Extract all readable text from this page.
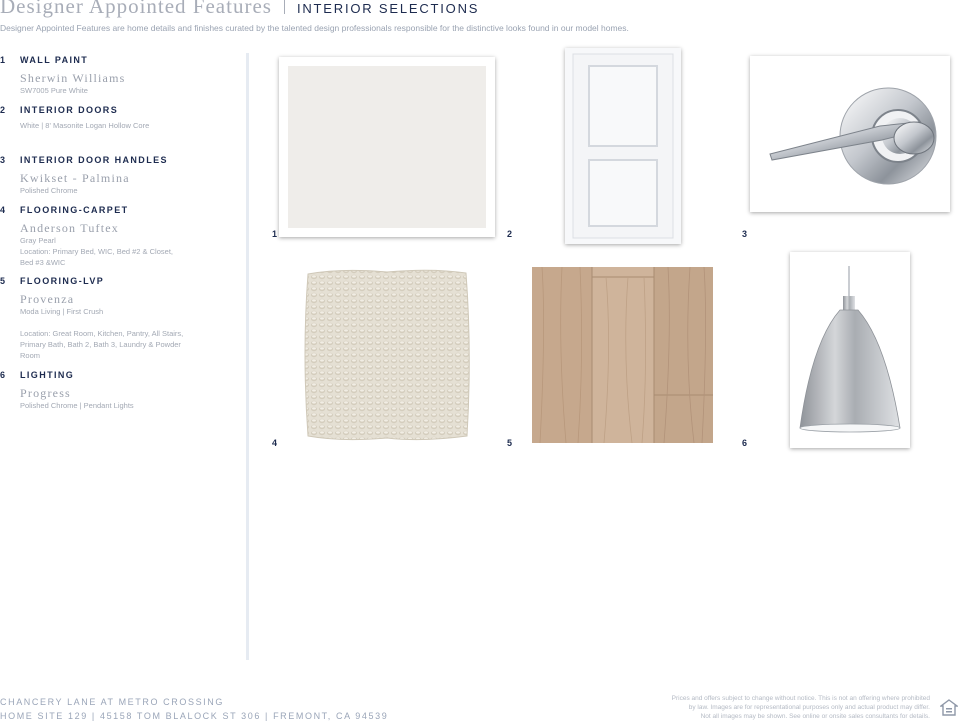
Designer Appointed Features INTERIOR SELECTIONS
Designer Appointed Features are home details and finishes curated by the talented design professionals responsible for the distinctive looks found in our model homes.
1 WALL PAINT
Sherwin Williams
SW7005 Pure White
2 INTERIOR DOORS
White | 8' Masonite Logan Hollow Core
3 INTERIOR DOOR HANDLES
Kwikset - Palmina
Polished Chrome
4 FLOORING-CARPET
Anderson Tuftex
Gray Pearl
Location: Primary Bed, WIC, Bed #2 & Closet,
Bed #3 &WIC
5 FLOORING-LVP
Provenza
Moda Living | First Crush
Location: Great Room, Kitchen, Pantry, All Stairs,
Primary Bath, Bath 2, Bath 3, Laundry & Powder
Room
6 LIGHTING
Progress
Polished Chrome | Pendant Lights
1	2	3
4	5	6
CHANCERY LANE AT METRO CROSSING
HOME SITE 129 | 45158 TOM BLALOCK ST 306 | FREMONT, CA 94539
Prices and offers subject to change without notice. This is not an offering where prohibited
by law. Images are for representational purposes only and actual product may differ.
Not all images may be shown. See online or onsite sales consultants for details.
